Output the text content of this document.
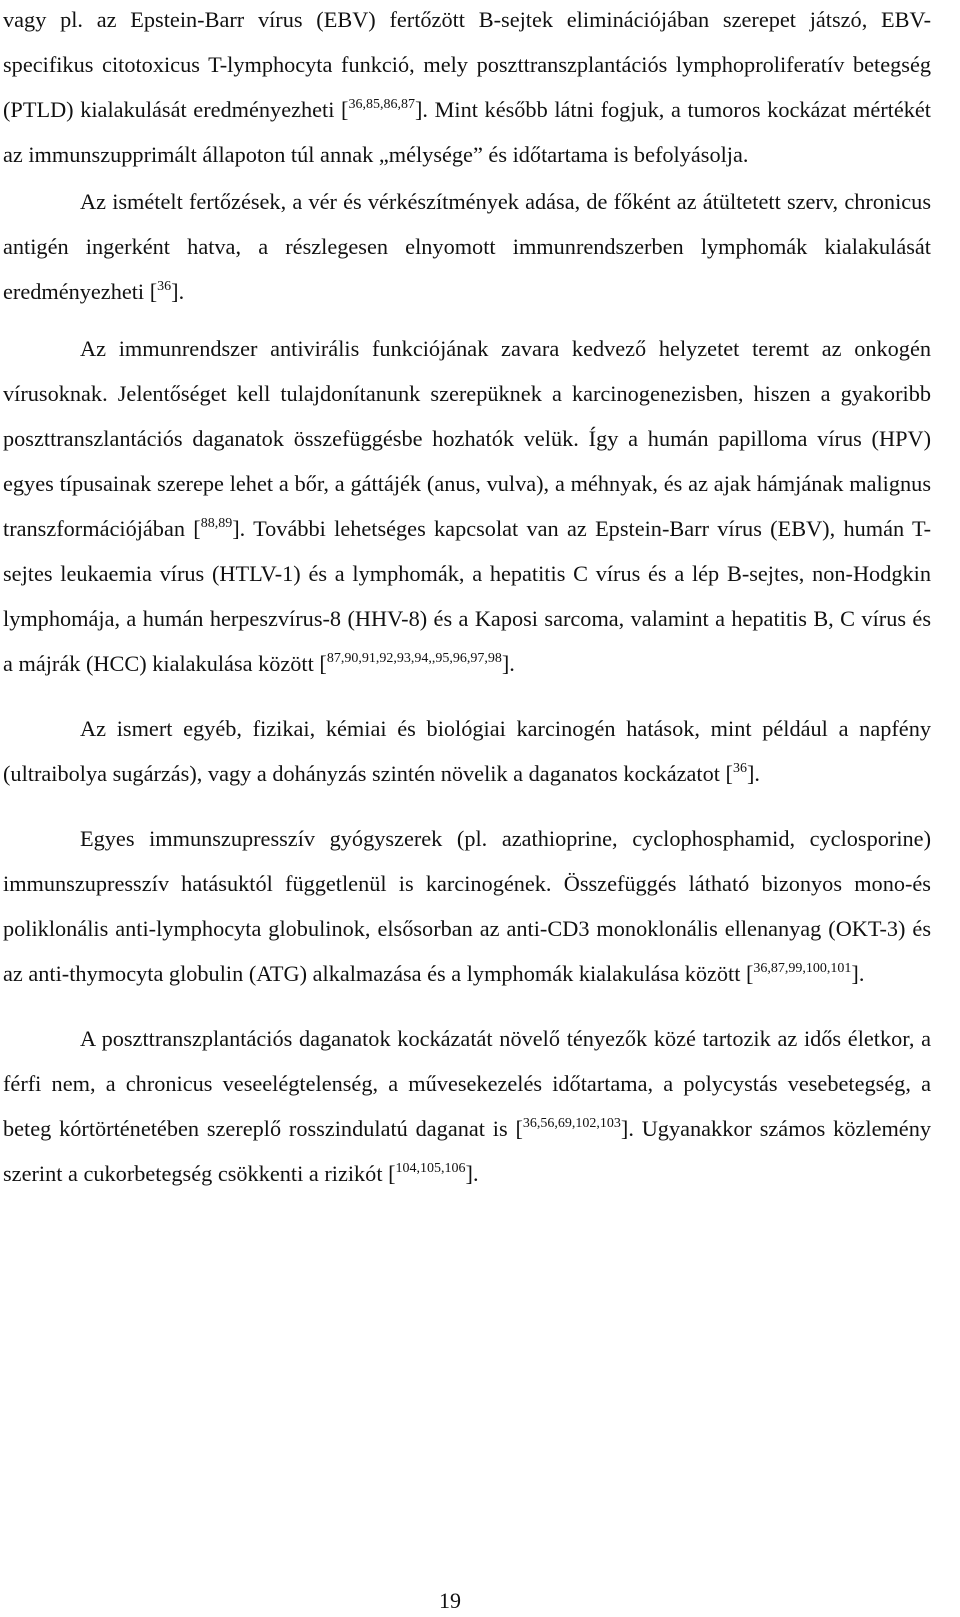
vagy pl. az Epstein-Barr vírus (EBV) fertőzött B-sejtek eliminációjában szerepet játszó, EBV-specifikus citotoxicus T-lymphocyta funkció, mely poszttranszplantációs lymphoproliferatív betegség (PTLD) kialakulását eredményezheti [$^{36,85,86,87}$]. Mint később látni fogjuk, a tumoros kockázat mértékét az immunszupprimált állapoton túl annak „mélysége” és időtartama is befolyásolja.

Az ismételt fertőzések, a vér és vérkészítmények adása, de főként az átültetett szerv, chronicus antigén ingerként hatva, a részlegesen elnyomott immunrendszerben lymphomák kialakulását eredményezheti [$^{36}$].

Az immunrendszer antivirális funkciójának zavara kedvező helyzetet teremt az onkogén vírusoknak. Jelentőséget kell tulajdonítanunk szerepüknek a karcinogenezisben, hiszen a gyakoribb poszttranszlantációs daganatok összefüggésbe hozhatók velük. Így a humán papilloma vírus (HPV) egyes típusainak szerepe lehet a bőr, a gáttájék (anus, vulva), a méhnyak, és az ajak hámjának malignus transzformációjában [$^{88,89}$]. További lehetséges kapcsolat van az Epstein-Barr vírus (EBV), humán T-sejtes leukaemia vírus (HTLV-1) és a lymphomák, a hepatitis C vírus és a lép B-sejtes, non-Hodgkin lymphomája, a humán herpeszvírus-8 (HHV-8) és a Kaposi sarcoma, valamint a hepatitis B, C vírus és a májrák (HCC) kialakulása között [$^{87,90,91,92,93,94,,95,96,97,98}$].

Az ismert egyéb, fizikai, kémiai és biológiai karcinogén hatások, mint például a napfény (ultraibolya sugárzás), vagy a dohányzás szintén növelik a daganatos kockázatot [$^{36}$].

Egyes immunszupresszív gyógyszerek (pl. azathioprine, cyclophosphamid, cyclosporine) immunszupresszív hatásuktól függetlenül is karcinogének. Összefüggés látható bizonyos mono-és poliklonális anti-lymphocyta globulinok, elsősorban az anti-CD3 monoklonális ellenanyag (OKT-3) és az anti-thymocyta globulin (ATG) alkalmazása és a lymphomák kialakulása között [$^{36,87,99,100,101}$].

A poszttranszplantációs daganatok kockázatát növelő tényezők közé tartozik az idős életkor, a férfi nem, a chronicus veseelégtelenség, a művesekezelés időtartama, a polycystás vesebetegség, a beteg kórtörténetében szereplő rosszindulatú daganat is [$^{36,56,69,102,103}$]. Ugyanakkor számos közlemény szerint a cukorbetegség csökkenti a rizikót [$^{104,105,106}$].

19
